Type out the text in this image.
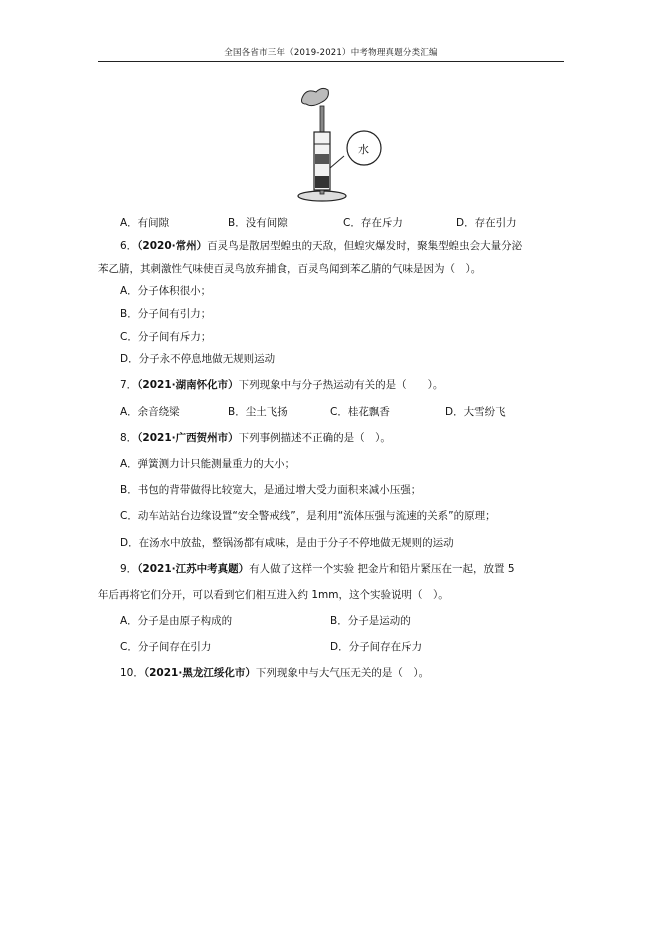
全国各省市三年（2019-2021）中考物理真题分类汇编
水
A．有间隙	B．没有间隙	C．存在斥力	D．存在引力
6．（2020·常州）百灵鸟是散居型蝗虫的天敌，但蝗灾爆发时，聚集型蝗虫会大量分泌
苯乙腈，其刺激性气味使百灵鸟放弃捕食，百灵鸟闻到苯乙腈的气味是因为（　）。
A．分子体积很小；
B．分子间有引力；
C．分子间有斥力；
D．分子永不停息地做无规则运动
7．（2021·湖南怀化市）下列现象中与分子热运动有关的是（　　）。
A．余音绕梁	B．尘土飞扬	C．桂花飘香	D．大雪纷飞
8．（2021·广西贺州市）下列事例描述不正确的是（　）。
A．弹簧测力计只能测量重力的大小；
B．书包的背带做得比较宽大，是通过增大受力面积来减小压强；
C．动车站站台边缘设置“安全警戒线”，是利用“流体压强与流速的关系”的原理；
D．在汤水中放盐，整锅汤都有咸味，是由于分子不停地做无规则的运动
9．（2021·江苏中考真题）有人做了这样一个实验 把金片和铅片紧压在一起，放置 5
年后再将它们分开，可以看到它们相互进入约 1mm，这个实验说明（　）。
A．分子是由原子构成的	B．分子是运动的
C．分子间存在引力	D．分子间存在斥力
10．（2021·黑龙江绥化市）下列现象中与大气压无关的是（　）。
